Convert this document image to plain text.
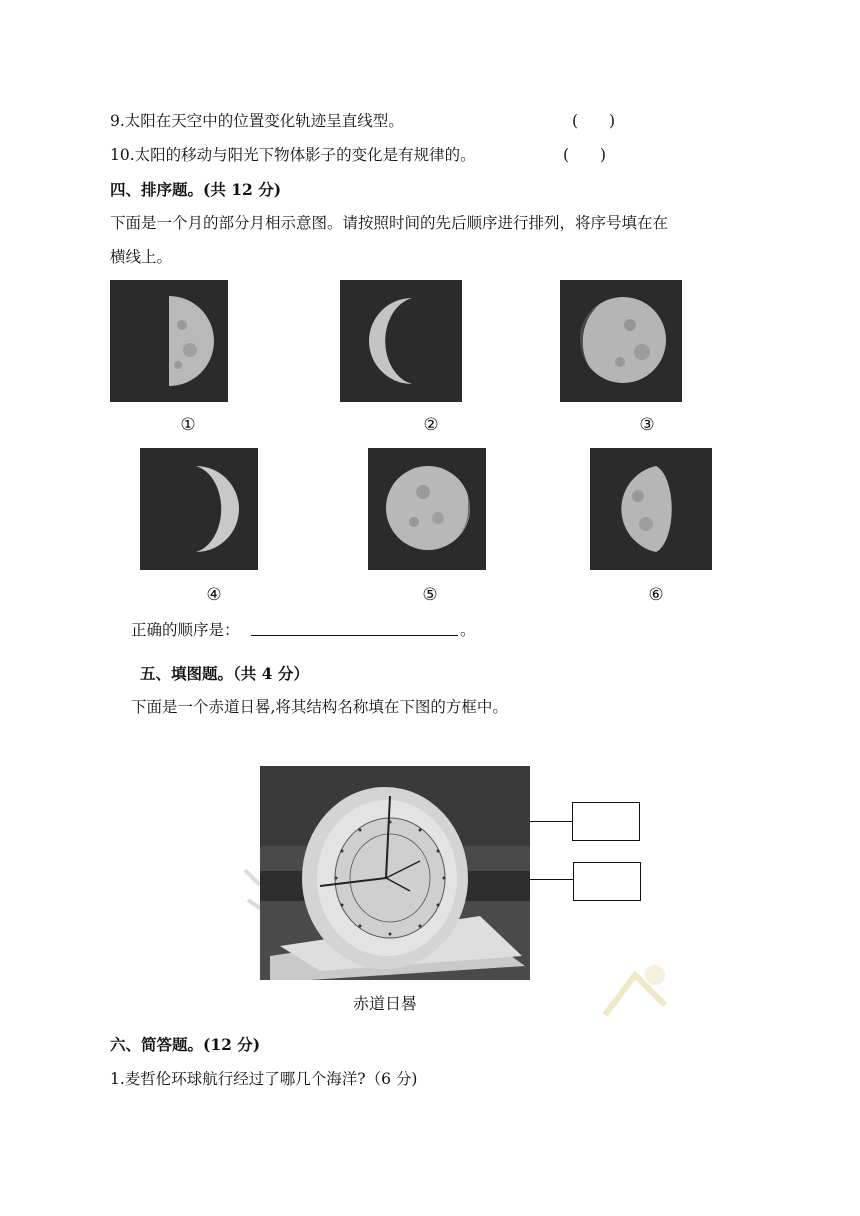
9.太阳在天空中的位置变化轨迹呈直线型。	(　　)
10.太阳的移动与阳光下物体影子的变化是有规律的。	(　　)
四、排序题。(共 12 分)
下面是一个月的部分月相示意图。请按照时间的先后顺序进行排列，将序号填在在
横线上。
①	②	③
④	⑤	⑥
正确的顺序是：	。
五、填图题。（共 4 分）
下面是一个赤道日晷,将其结构名称填在下图的方框中。
赤道日晷
六、简答题。(12 分)
1.麦哲伦环球航行经过了哪几个海洋?（6 分)
